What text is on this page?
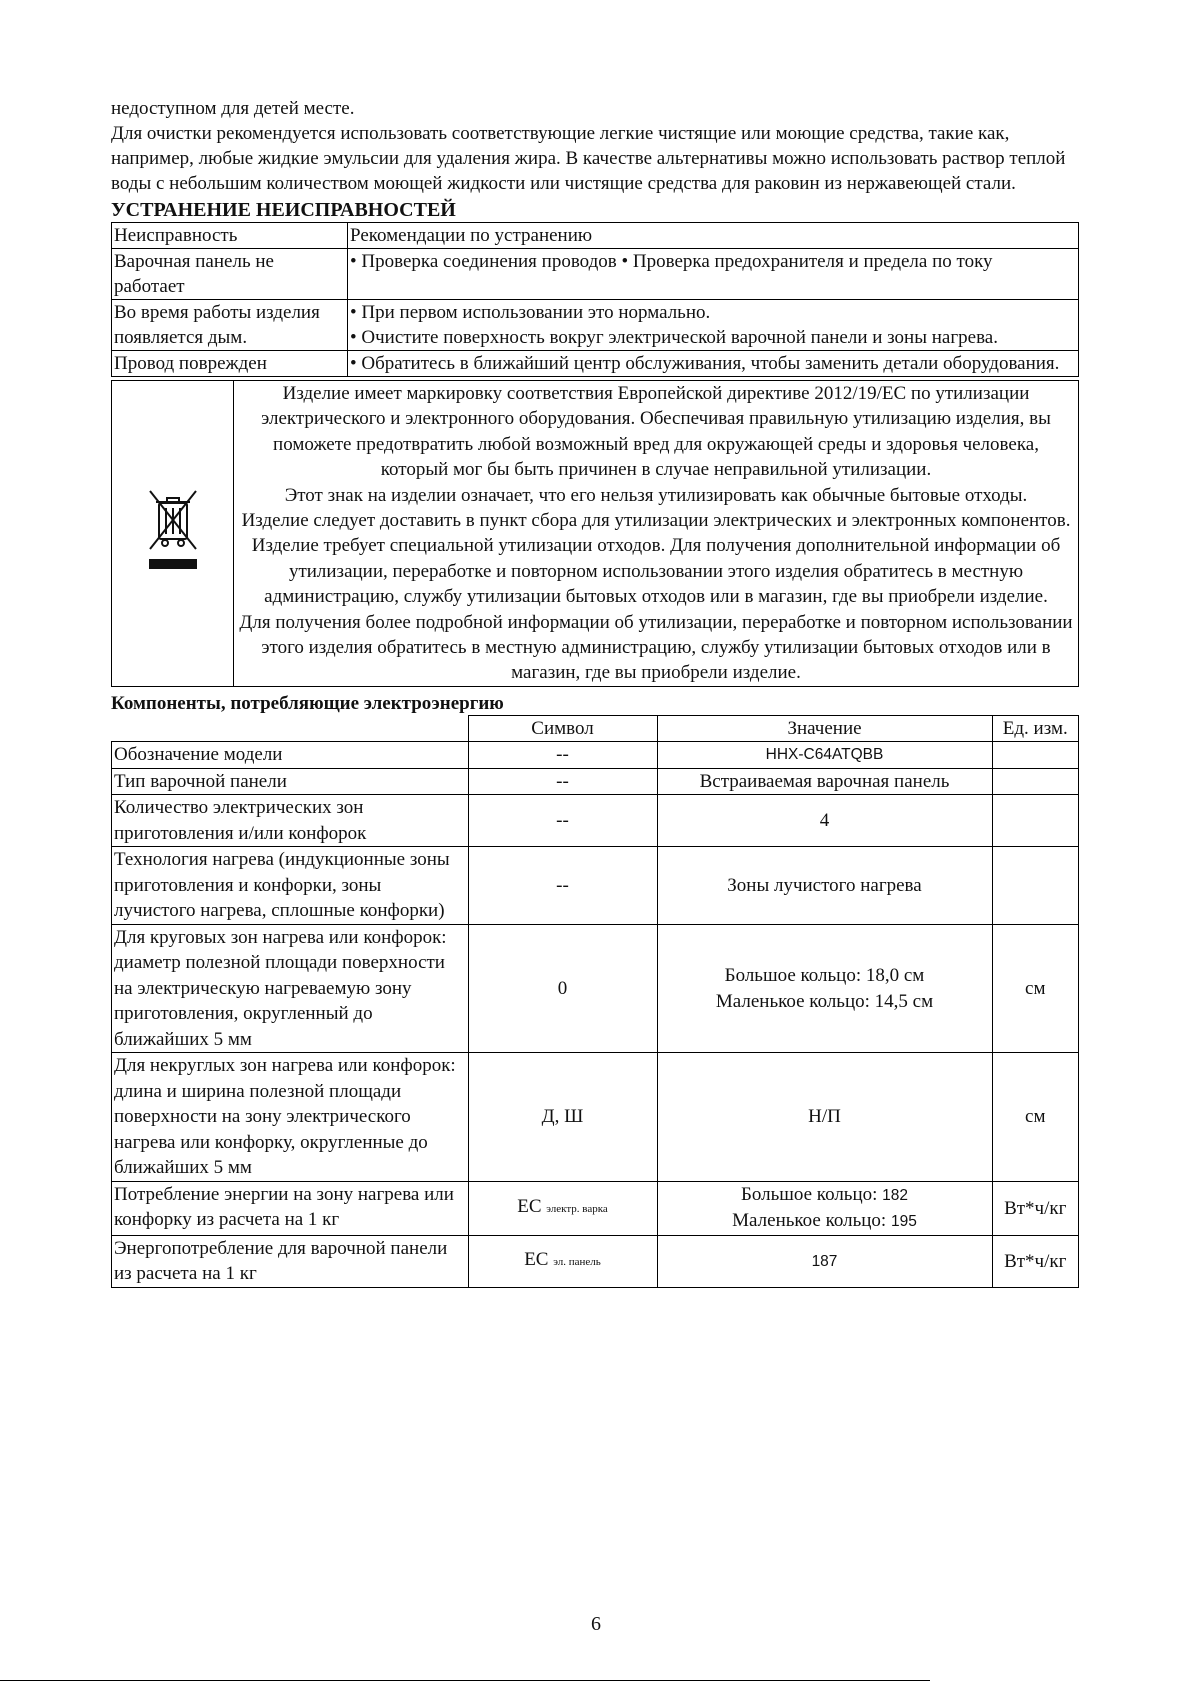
недоступном для детей месте.

Для очистки рекомендуется использовать соответствующие легкие чистящие или моющие средства, такие как, например, любые жидкие эмульсии для удаления жира. В качестве альтернативы можно использовать раствор теплой воды с небольшим количеством моющей жидкости или чистящие средства для раковин из нержавеющей стали.

УСТРАНЕНИЕ НЕИСПРАВНОСТЕЙ
Неисправность	Рекомендации по устранению
Варочная панель не работает	• Проверка соединения проводов • Проверка предохранителя и предела по току
Во время работы изделия появляется дым.	• При первом использовании это нормально.
• Очистите поверхность вокруг электрической варочной панели и зоны нагрева.

Провод поврежден	• Обратитесь в ближайший центр обслуживания, чтобы заменить детали оборудования.

Изделие имеет маркировку соответствия Европейской директиве 2012/19/EC по утилизации электрического и электронного оборудования. Обеспечивая правильную утилизацию изделия, вы поможете предотвратить любой возможный вред для окружающей среды и здоровья человека, который мог бы быть причинен в случае неправильной утилизации.

Этот знак на изделии означает, что его нельзя утилизировать как обычные бытовые отходы.

Изделие следует доставить в пункт сбора для утилизации электрических и электронных компонентов.

Изделие требует специальной утилизации отходов. Для получения дополнительной информации об утилизации, переработке и повторном использовании этого изделия обратитесь в местную администрацию, службу утилизации бытовых отходов или в магазин, где вы приобрели изделие.

Для получения более подробной информации об утилизации, переработке и повторном использовании этого изделия обратитесь в местную администрацию, службу утилизации бытовых отходов или в магазин, где вы приобрели изделие.

Компоненты, потребляющие электроэнергию
	Символ	Значение	Ед. изм.
Обозначение модели	--	HHX-C64ATQBB	
Тип варочной панели	--	Встраиваемая варочная панель	
Количество электрических зон приготовления и/или конфорок	--	4	
Технология нагрева (индукционные зоны приготовления и конфорки, зоны лучистого нагрева, сплошные конфорки)	--	Зоны лучистого нагрева	
Для круговых зон нагрева или конфорок: диаметр полезной площади поверхности на электрическую нагреваемую зону приготовления, округленный до ближайших 5 мм	0	Большое кольцо: 18,0 см
Маленькое кольцо: 14,5 см	см
Для некруглых зон нагрева или конфорок: длина и ширина полезной площади поверхности на зону электрического нагрева или конфорку, округленные до ближайших 5 мм	Д, Ш	Н/П	см
Потребление энергии на зону нагрева или конфорку из расчета на 1 кг	ЕС электр. варка	Большое кольцо: 182
Маленькое кольцо: 195	Вт*ч/кг
Энергопотребление для варочной панели из расчета на 1 кг	ЕС эл. панель	187	Вт*ч/кг
6
